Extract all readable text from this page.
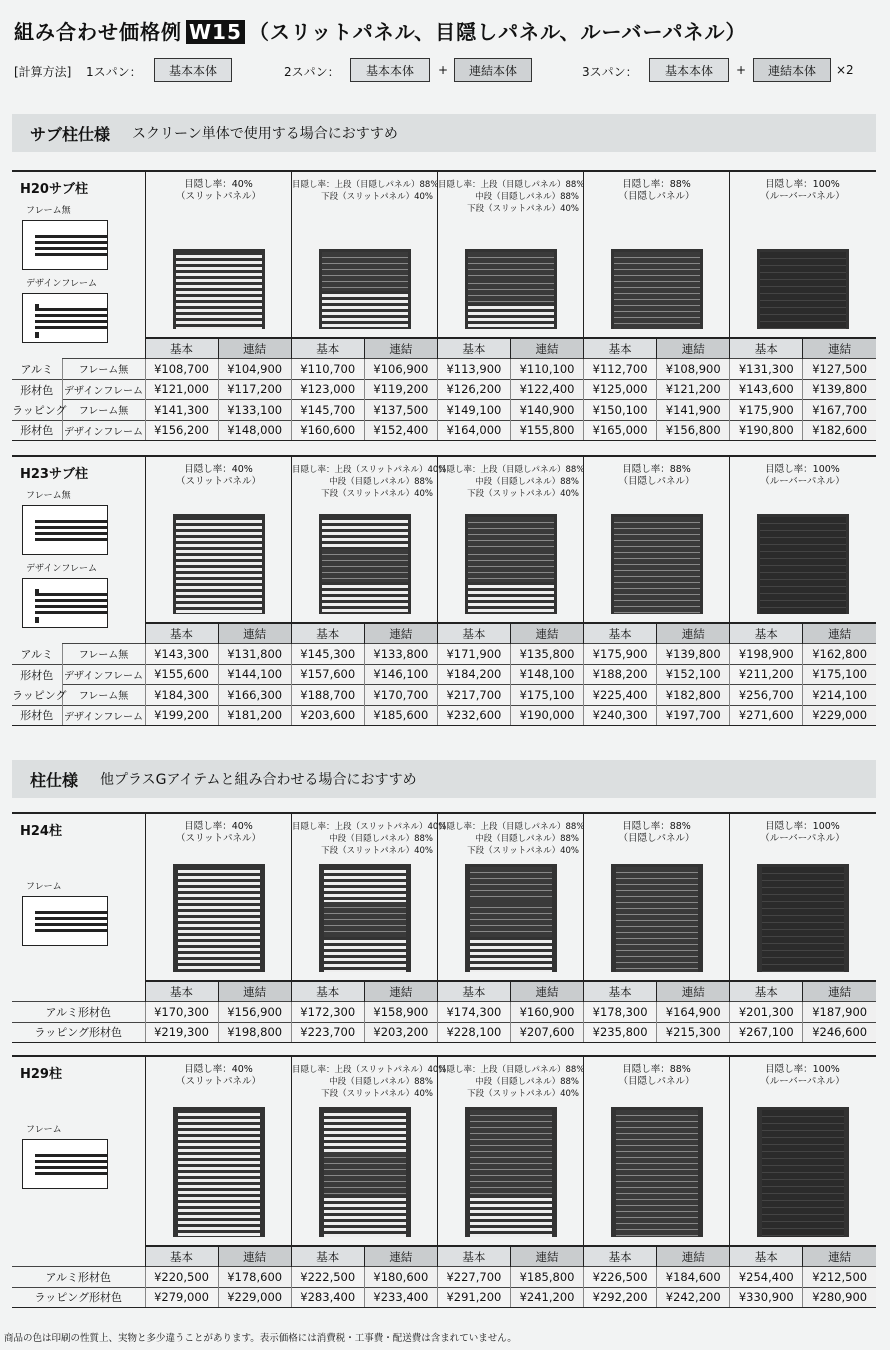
組み合わせ価格例 W15 （スリットパネル、目隠しパネル、ルーバーパネル）
[計算方法] 1スパン：	基本本体	2スパン：	基本本体	+	連結本体	3スパン：	基本本体	+	連結本体	×2
サブ柱仕様 スクリーン単体で使用する場合におすすめ
H20サブ柱
フレーム無
デザインフレーム
目隠し率：40%
（スリットパネル）
目隠し率：上段（目隠しパネル）88%
下段（スリットパネル）40%
目隠し率：上段（目隠しパネル）88%
中段（目隠しパネル）88%
下段（スリットパネル）40%
目隠し率：88%
（目隠しパネル）
目隠し率：100%
（ルーバーパネル）
		基本	連結	基本	連結	基本	連結	基本	連結	基本	連結
アルミ	フレーム無	¥108,700	¥104,900	¥110,700	¥106,900	¥113,900	¥110,100	¥112,700	¥108,900	¥131,300	¥127,500
形材色	デザインフレーム	¥121,000	¥117,200	¥123,000	¥119,200	¥126,200	¥122,400	¥125,000	¥121,200	¥143,600	¥139,800
ラッピング	フレーム無	¥141,300	¥133,100	¥145,700	¥137,500	¥149,100	¥140,900	¥150,100	¥141,900	¥175,900	¥167,700
形材色	デザインフレーム	¥156,200	¥148,000	¥160,600	¥152,400	¥164,000	¥155,800	¥165,000	¥156,800	¥190,800	¥182,600
H23サブ柱
フレーム無
デザインフレーム
目隠し率：40%
（スリットパネル）
目隠し率：上段（スリットパネル）40%
中段（目隠しパネル）88%
下段（スリットパネル）40%
目隠し率：上段（目隠しパネル）88%
中段（目隠しパネル）88%
下段（スリットパネル）40%
目隠し率：88%
（目隠しパネル）
目隠し率：100%
（ルーバーパネル）
		基本	連結	基本	連結	基本	連結	基本	連結	基本	連結
アルミ	フレーム無	¥143,300	¥131,800	¥145,300	¥133,800	¥171,900	¥135,800	¥175,900	¥139,800	¥198,900	¥162,800
形材色	デザインフレーム	¥155,600	¥144,100	¥157,600	¥146,100	¥184,200	¥148,100	¥188,200	¥152,100	¥211,200	¥175,100
ラッピング	フレーム無	¥184,300	¥166,300	¥188,700	¥170,700	¥217,700	¥175,100	¥225,400	¥182,800	¥256,700	¥214,100
形材色	デザインフレーム	¥199,200	¥181,200	¥203,600	¥185,600	¥232,600	¥190,000	¥240,300	¥197,700	¥271,600	¥229,000
柱仕様 他プラスGアイテムと組み合わせる場合におすすめ
H24柱
フレーム
目隠し率：40%
（スリットパネル）
目隠し率：上段（スリットパネル）40%
中段（目隠しパネル）88%
下段（スリットパネル）40%
目隠し率：上段（目隠しパネル）88%
中段（目隠しパネル）88%
下段（スリットパネル）40%
目隠し率：88%
（目隠しパネル）
目隠し率：100%
（ルーバーパネル）
	基本	連結	基本	連結	基本	連結	基本	連結	基本	連結
アルミ形材色	¥170,300	¥156,900	¥172,300	¥158,900	¥174,300	¥160,900	¥178,300	¥164,900	¥201,300	¥187,900
ラッピング形材色	¥219,300	¥198,800	¥223,700	¥203,200	¥228,100	¥207,600	¥235,800	¥215,300	¥267,100	¥246,600
H29柱
フレーム
目隠し率：40%
（スリットパネル）
目隠し率：上段（スリットパネル）40%
中段（目隠しパネル）88%
下段（スリットパネル）40%
目隠し率：上段（目隠しパネル）88%
中段（目隠しパネル）88%
下段（スリットパネル）40%
目隠し率：88%
（目隠しパネル）
目隠し率：100%
（ルーバーパネル）
	基本	連結	基本	連結	基本	連結	基本	連結	基本	連結
アルミ形材色	¥220,500	¥178,600	¥222,500	¥180,600	¥227,700	¥185,800	¥226,500	¥184,600	¥254,400	¥212,500
ラッピング形材色	¥279,000	¥229,000	¥283,400	¥233,400	¥291,200	¥241,200	¥292,200	¥242,200	¥330,900	¥280,900
商品の色は印刷の性質上、実物と多少違うことがあります。表示価格には消費税・工事費・配送費は含まれていません。
